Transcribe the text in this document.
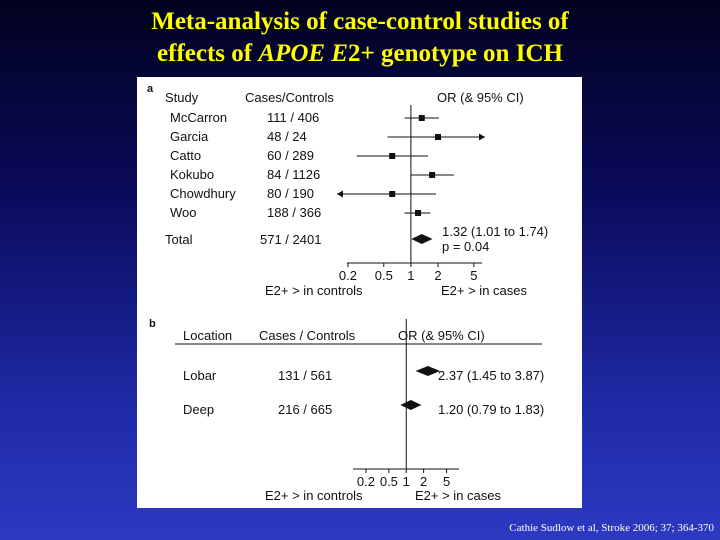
Meta-analysis of case-control studies of
effects of APOE E2+ genotype on ICH
a
Study	Cases/Controls	OR (& 95% CI)
McCarron	111 / 406
Garcia	48 / 24
Catto	60 / 289
Kokubo	84 / 1126
Chowdhury 80 / 190
Woo	188 / 366
Total	571 / 2401
1.32 (1.01 to 1.74)
p = 0.04
E2+ > in controls	E2+ > in cases
b
Location Cases / Controls	OR (& 95% CI)
Lobar	131 / 561	2.37 (1.45 to 3.87)
Deep	216 / 665	1.20 (0.79 to 1.83)
E2+ > in controls	E2+ > in cases
0.2 0.5 1 2 5
0.2 0.5 1 2 5
Cathie Sudlow et al, Stroke 2006; 37; 364-370
